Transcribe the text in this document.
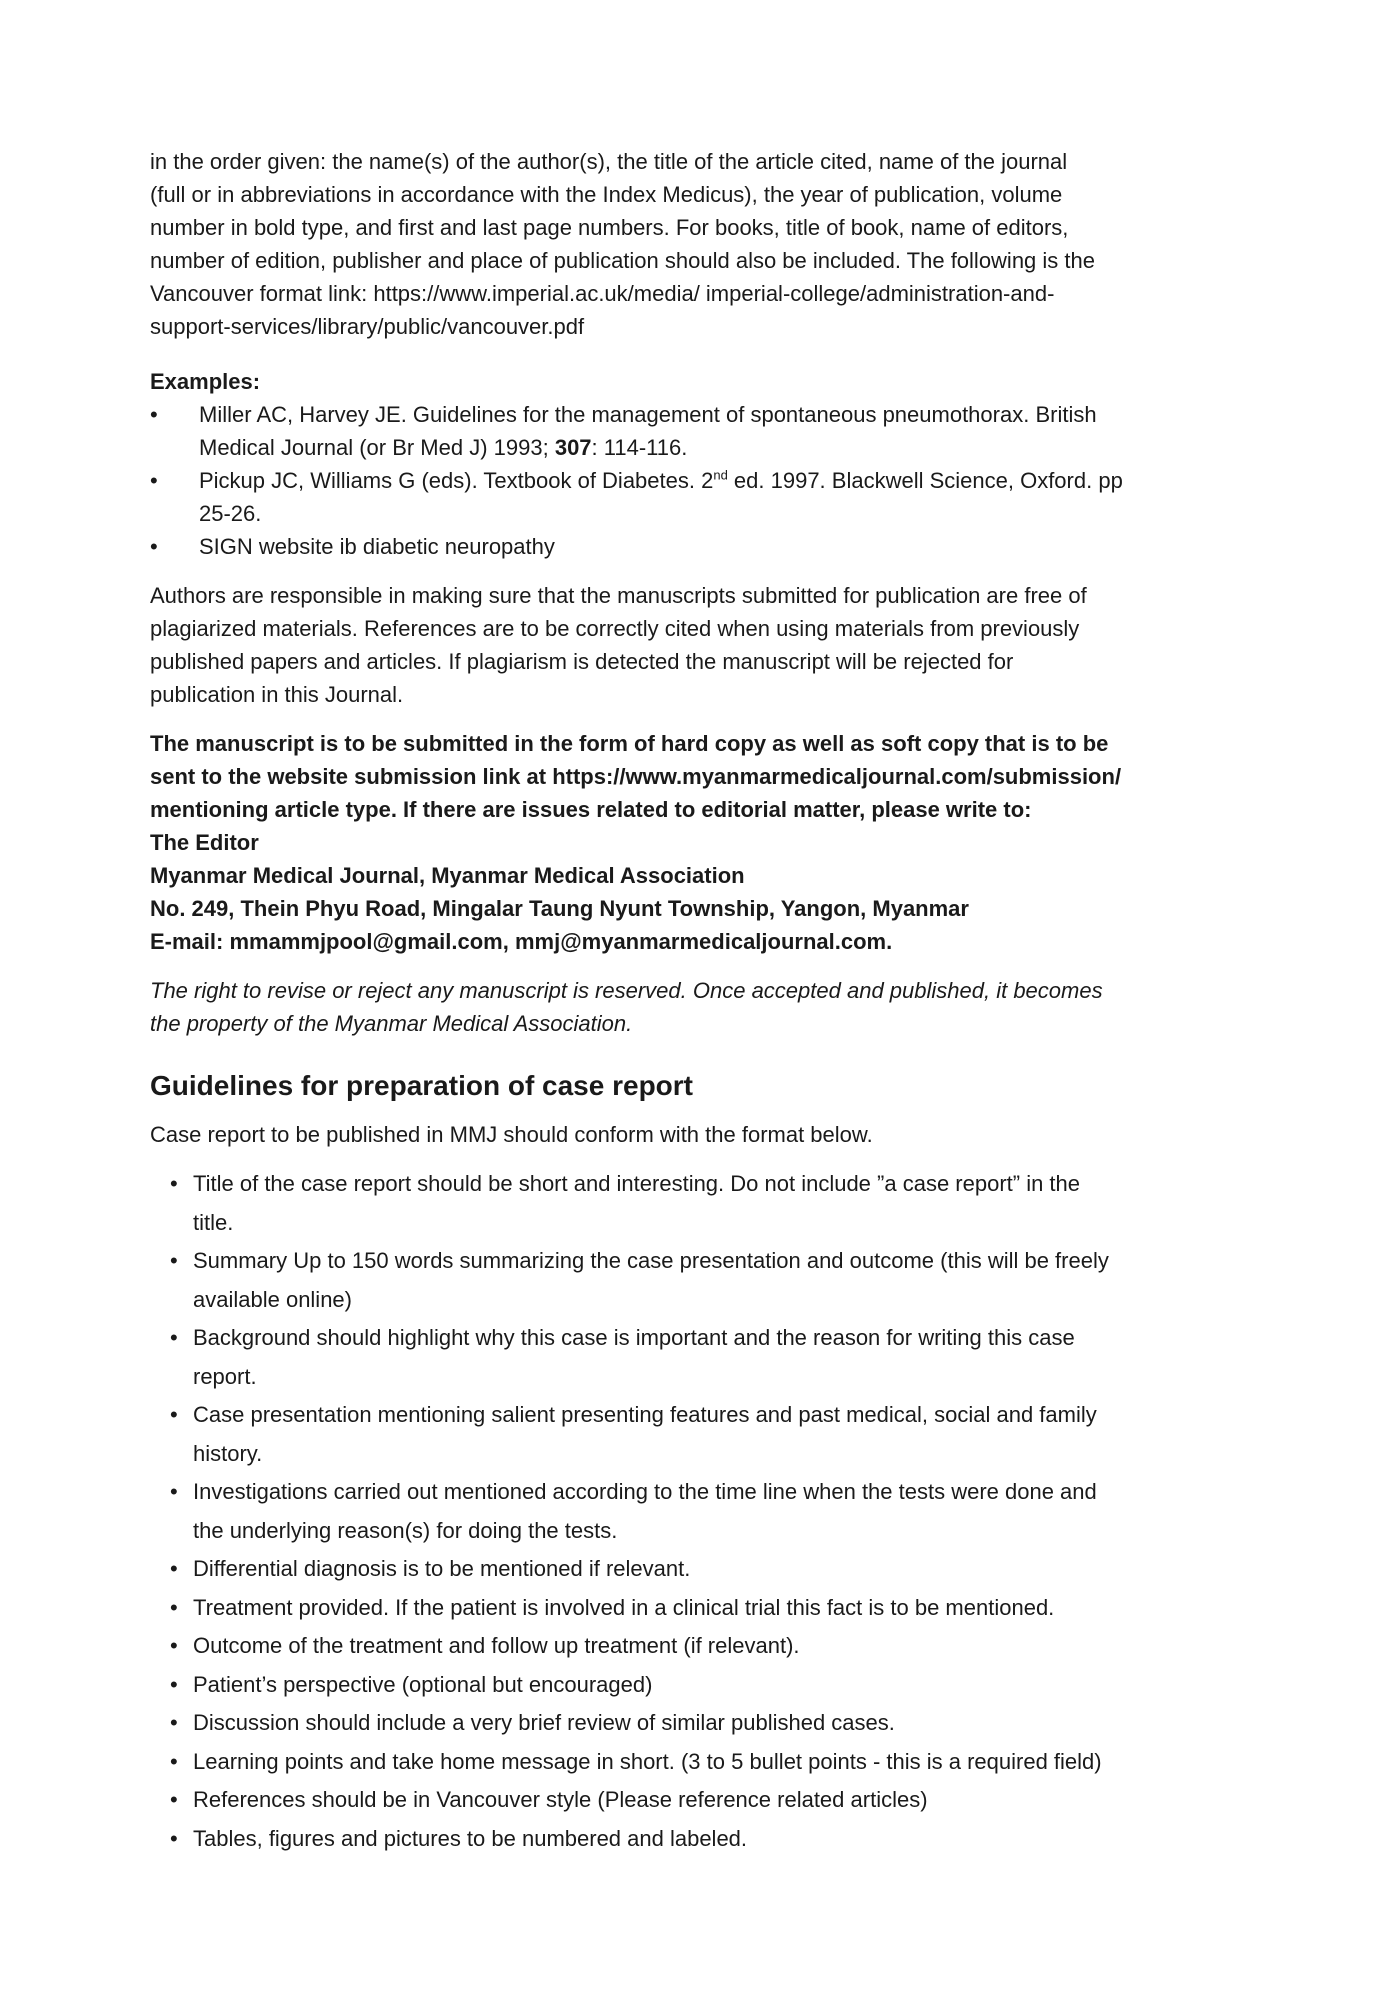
in the order given: the name(s) of the author(s), the title of the article cited, name of the journal
(full or in abbreviations in accordance with the Index Medicus), the year of publication, volume
number in bold type, and first and last page numbers. For books, title of book, name of editors,
number of edition, publisher and place of publication should also be included. The following is the
Vancouver format link: https://www.imperial.ac.uk/media/ imperial-college/administration-and-
support-services/library/public/vancouver.pdf
Examples:
• Miller AC, Harvey JE. Guidelines for the management of spontaneous pneumothorax. British
Medical Journal (or Br Med J) 1993; 307: 114-116.
• Pickup JC, Williams G (eds). Textbook of Diabetes. 2nd ed. 1997. Blackwell Science, Oxford. pp
25-26.
• SIGN website ib diabetic neuropathy
Authors are responsible in making sure that the manuscripts submitted for publication are free of
plagiarized materials. References are to be correctly cited when using materials from previously
published papers and articles. If plagiarism is detected the manuscript will be rejected for
publication in this Journal.
The manuscript is to be submitted in the form of hard copy as well as soft copy that is to be
sent to the website submission link at https://www.myanmarmedicaljournal.com/submission/
mentioning article type. If there are issues related to editorial matter, please write to:
The Editor
Myanmar Medical Journal, Myanmar Medical Association
No. 249, Thein Phyu Road, Mingalar Taung Nyunt Township, Yangon, Myanmar
E-mail: mmammjpool@gmail.com, mmj@myanmarmedicaljournal.com.
The right to revise or reject any manuscript is reserved. Once accepted and published, it becomes
the property of the Myanmar Medical Association.
Guidelines for preparation of case report
Case report to be published in MMJ should conform with the format below.
• Title of the case report should be short and interesting. Do not include ”a case report” in the
title.
• Summary Up to 150 words summarizing the case presentation and outcome (this will be freely
available online)
• Background should highlight why this case is important and the reason for writing this case
report.
• Case presentation mentioning salient presenting features and past medical, social and family
history.
• Investigations carried out mentioned according to the time line when the tests were done and
the underlying reason(s) for doing the tests.
• Differential diagnosis is to be mentioned if relevant.
• Treatment provided. If the patient is involved in a clinical trial this fact is to be mentioned.
• Outcome of the treatment and follow up treatment (if relevant).
• Patient’s perspective (optional but encouraged)
• Discussion should include a very brief review of similar published cases.
• Learning points and take home message in short. (3 to 5 bullet points - this is a required field)
• References should be in Vancouver style (Please reference related articles)
• Tables, figures and pictures to be numbered and labeled.
